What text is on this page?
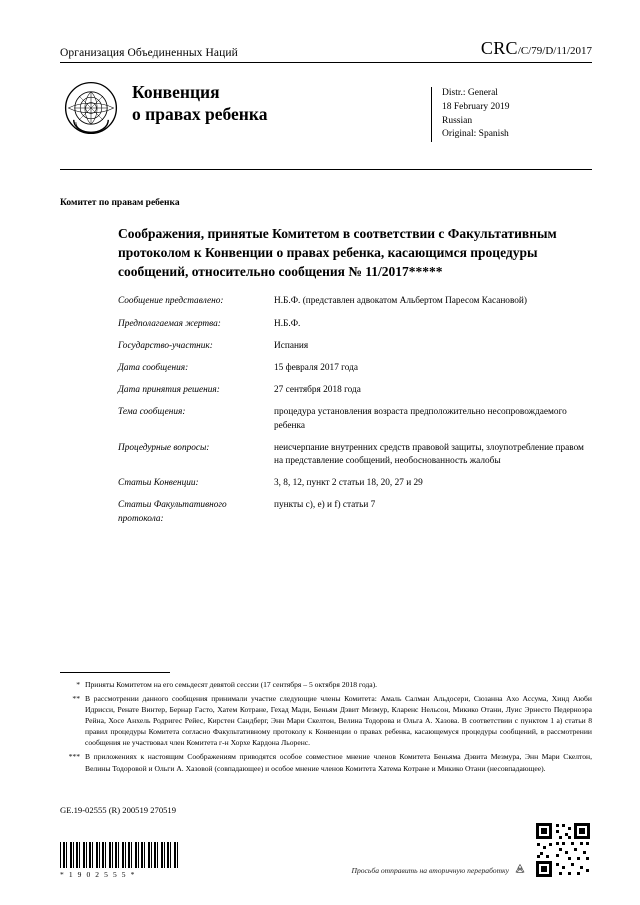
Организация Объединенных Наций	CRC/C/79/D/11/2017
Конвенция
о правах ребенка
Distr.: General
18 February 2019
Russian
Original: Spanish
Комитет по правам ребенка
Соображения, принятые Комитетом в соответствии с Факультативным протоколом к Конвенции о правах ребенка, касающимся процедуры сообщений, относительно сообщения № 11/2017*****
Сообщение представлено:	Н.Б.Ф. (представлен адвокатом Альбертом Паресом Касановой)
Предполагаемая жертва:	Н.Б.Ф.
Государство-участник:	Испания
Дата сообщения:	15 февраля 2017 года
Дата принятия решения:	27 сентября 2018 года
Тема сообщения:	процедура установления возраста предположительно несопровождаемого ребенка
Процедурные вопросы:	неисчерпание внутренних средств правовой защиты, злоупотребление правом на представление сообщений, необоснованность жалобы
Статьи Конвенции:	3, 8, 12, пункт 2 статьи 18, 20, 27 и 29
Статьи Факультативного протокола:	пункты c), e) и f) статьи 7
* Приняты Комитетом на его семьдесят девятой сессии (17 сентября – 5 октября 2018 года).
** В рассмотрении данного сообщения принимали участие следующие члены Комитета: Амаль Салман Альдосери, Сюзанна Ахо Ассума, Хинд Аюби Идрисси, Ренате Винтер, Бернар Гасто, Хатем Котране, Гехад Мади, Беньям Дэвит Мезмур, Кларенс Нельсон, Микико Отани, Луис Эрнесто Педерноэра Рейна, Хосе Анхель Родригес Рейес, Кирстен Сандберг, Энн Мари Скелтон, Велина Тодорова и Ольга А. Хазова. В соответствии с пунктом 1 a) статьи 8 правил процедуры Комитета согласно Факультативному протоколу к Конвенции о правах ребенка, касающемуся процедуры сообщений, в рассмотрении сообщения не участвовал член Комитета г-н Хорхе Кардона Льоренс.
*** В приложениях к настоящим Соображениям приводятся особое совместное мнение членов Комитета Беньяма Дэвита Мезмура, Энн Мари Скелтон, Велины Тодоровой и Ольги А. Хазовой (совпадающее) и особое мнение членов Комитета Хатема Котране и Микико Отани (несовпадающее).
GE.19-02555 (R) 200519 270519
* 1 9 0 2 5 5 5 *	Просьба отправить на вторичную переработку
